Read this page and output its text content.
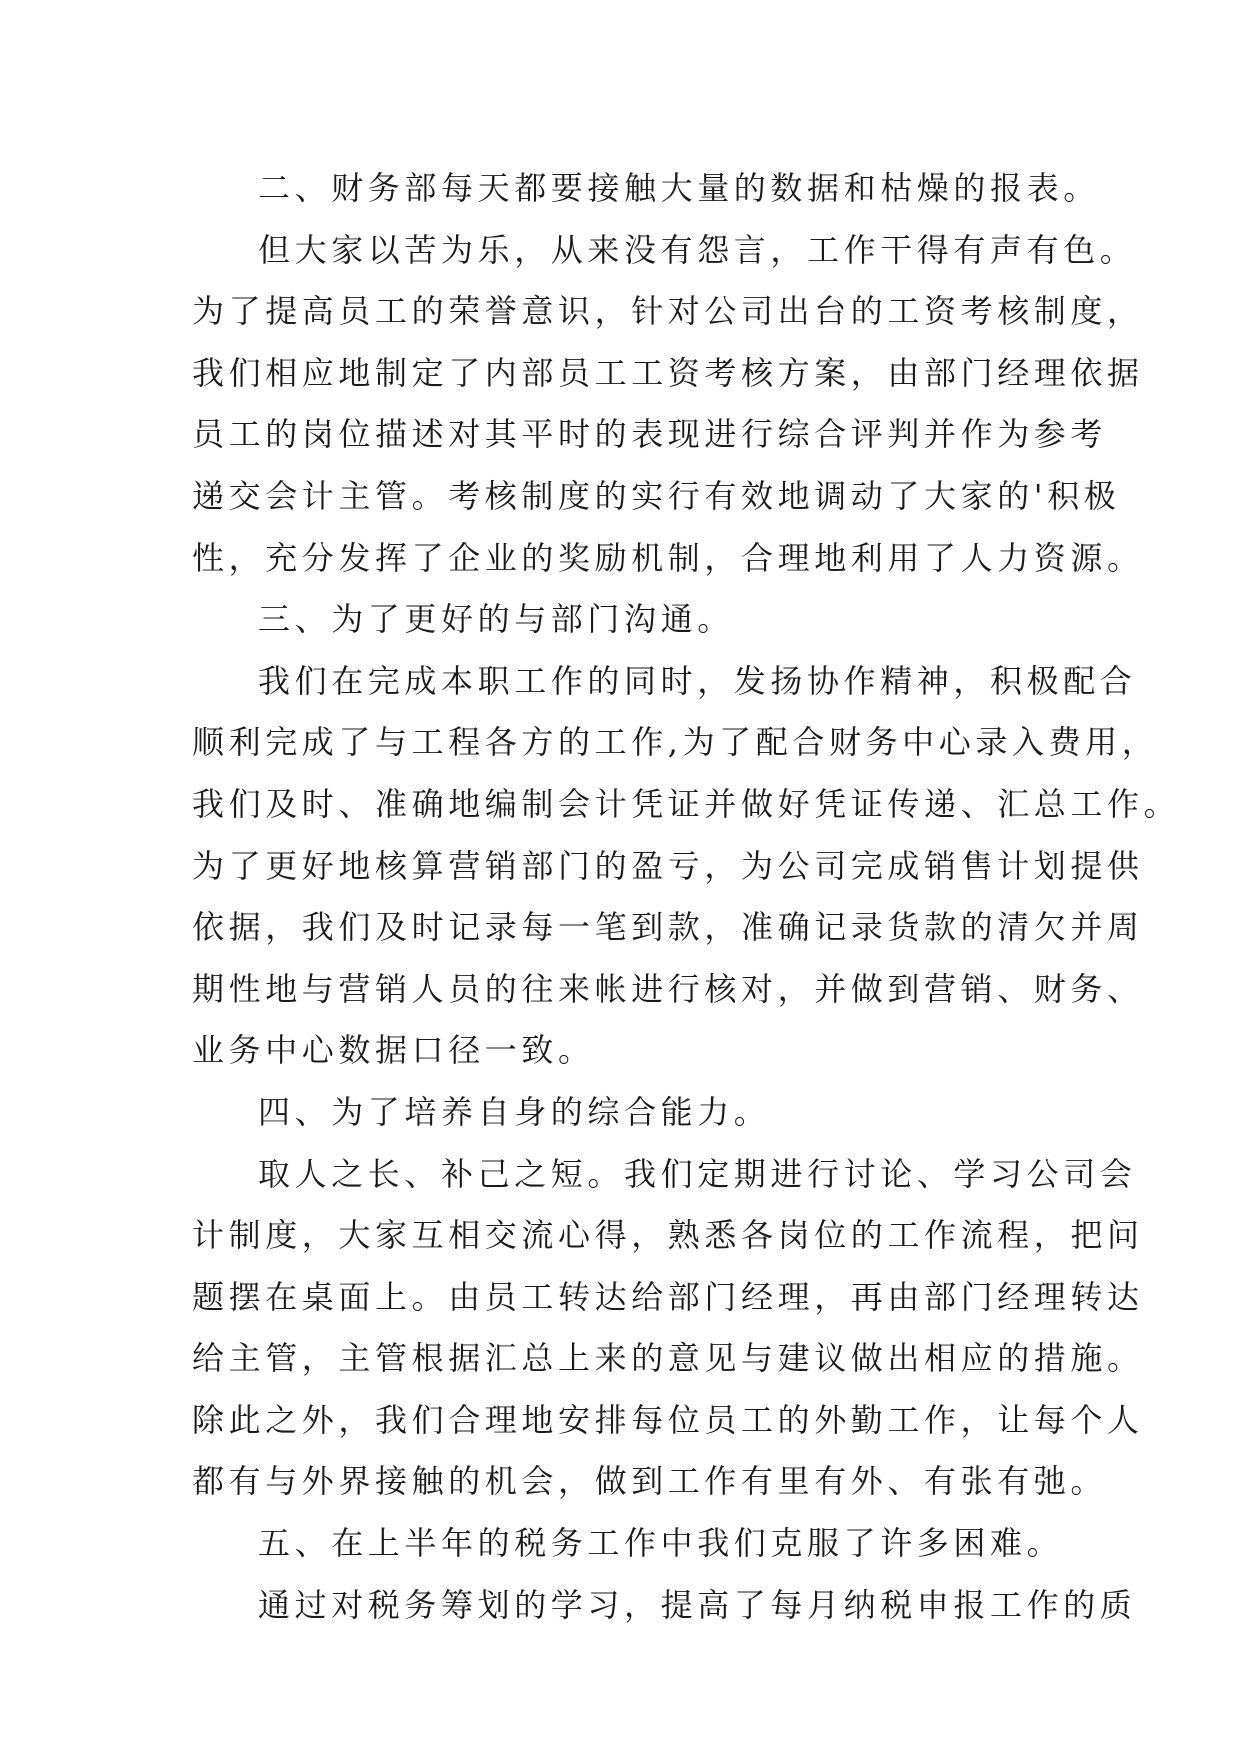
二、财务部每天都要接触大量的数据和枯燥的报表。
但大家以苦为乐，从来没有怨言，工作干得有声有色。
为了提高员工的荣誉意识，针对公司出台的工资考核制度，
我们相应地制定了内部员工工资考核方案，由部门经理依据
员工的岗位描述对其平时的表现进行综合评判并作为参考
递交会计主管。考核制度的实行有效地调动了大家的'积极
性，充分发挥了企业的奖励机制，合理地利用了人力资源。
三、为了更好的与部门沟通。
我们在完成本职工作的同时，发扬协作精神，积极配合
顺利完成了与工程各方的工作,为了配合财务中心录入费用，
我们及时、准确地编制会计凭证并做好凭证传递、汇总工作。
为了更好地核算营销部门的盈亏，为公司完成销售计划提供
依据，我们及时记录每一笔到款，准确记录货款的清欠并周
期性地与营销人员的往来帐进行核对，并做到营销、财务、
业务中心数据口径一致。
四、为了培养自身的综合能力。
取人之长、补己之短。我们定期进行讨论、学习公司会
计制度，大家互相交流心得，熟悉各岗位的工作流程，把问
题摆在桌面上。由员工转达给部门经理，再由部门经理转达
给主管，主管根据汇总上来的意见与建议做出相应的措施。
除此之外，我们合理地安排每位员工的外勤工作，让每个人
都有与外界接触的机会，做到工作有里有外、有张有弛。
五、在上半年的税务工作中我们克服了许多困难。
通过对税务筹划的学习，提高了每月纳税申报工作的质
